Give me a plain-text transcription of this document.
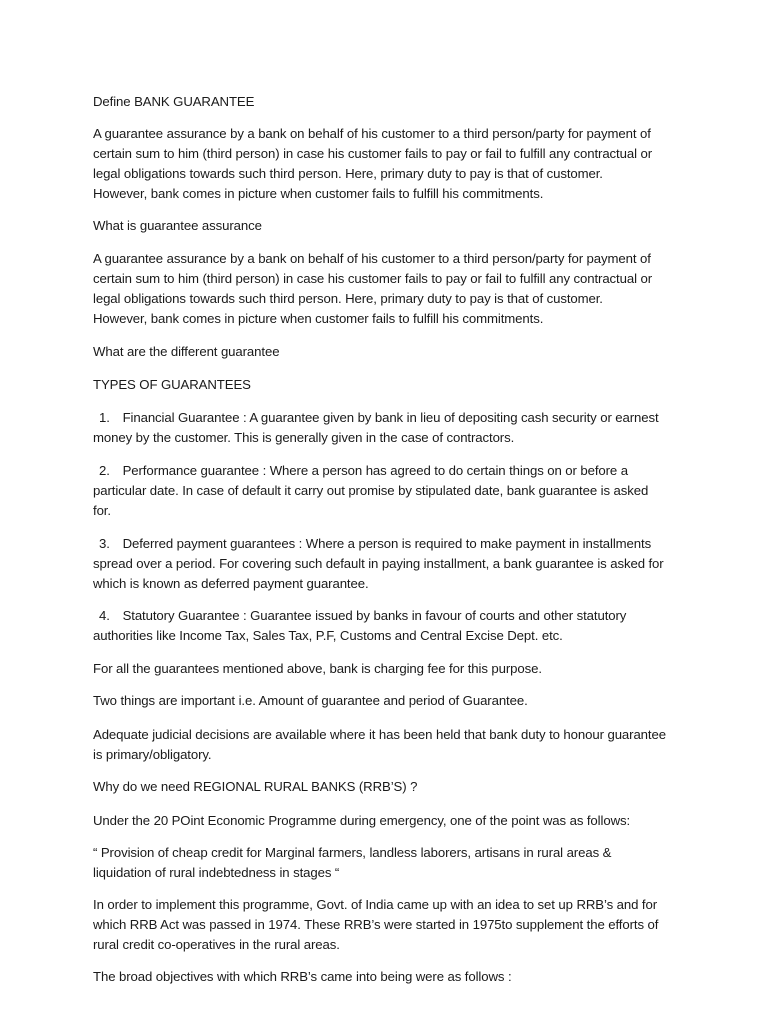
Define BANK GUARANTEE

A guarantee assurance by a bank on behalf of his customer to a third person/party for payment of
certain sum to him (third person) in case his customer fails to pay or fail to fulfill any contractual or
legal obligations towards such third person. Here, primary duty to pay is that of customer.
However, bank comes in picture when customer fails to fulfill his commitments.

What is guarantee assurance

A guarantee assurance by a bank on behalf of his customer to a third person/party for payment of
certain sum to him (third person) in case his customer fails to pay or fail to fulfill any contractual or
legal obligations towards such third person. Here, primary duty to pay is that of customer.
However, bank comes in picture when customer fails to fulfill his commitments.

What are the different guarantee

TYPES OF GUARANTEES

1. Financial Guarantee : A guarantee given by bank in lieu of depositing cash security or earnest
money by the customer. This is generally given in the case of contractors.

2. Performance guarantee : Where a person has agreed to do certain things on or before a
particular date. In case of default it carry out promise by stipulated date, bank guarantee is asked
for.

3. Deferred payment guarantees : Where a person is required to make payment in installments
spread over a period. For covering such default in paying installment, a bank guarantee is asked for
which is known as deferred payment guarantee.

4. Statutory Guarantee : Guarantee issued by banks in favour of courts and other statutory
authorities like Income Tax, Sales Tax, P.F, Customs and Central Excise Dept. etc.

For all the guarantees mentioned above, bank is charging fee for this purpose.

Two things are important i.e. Amount of guarantee and period of Guarantee.

Adequate judicial decisions are available where it has been held that bank duty to honour guarantee
is primary/obligatory.

Why do we need REGIONAL RURAL BANKS (RRB’S) ?

Under the 20 POint Economic Programme during emergency, one of the point was as follows:

“ Provision of cheap credit for Marginal farmers, landless laborers, artisans in rural areas &
liquidation of rural indebtedness in stages “

In order to implement this programme, Govt. of India came up with an idea to set up RRB’s and for
which RRB Act was passed in 1974. These RRB’s were started in 1975to supplement the efforts of
rural credit co-operatives in the rural areas.

The broad objectives with which RRB’s came into being were as follows :
